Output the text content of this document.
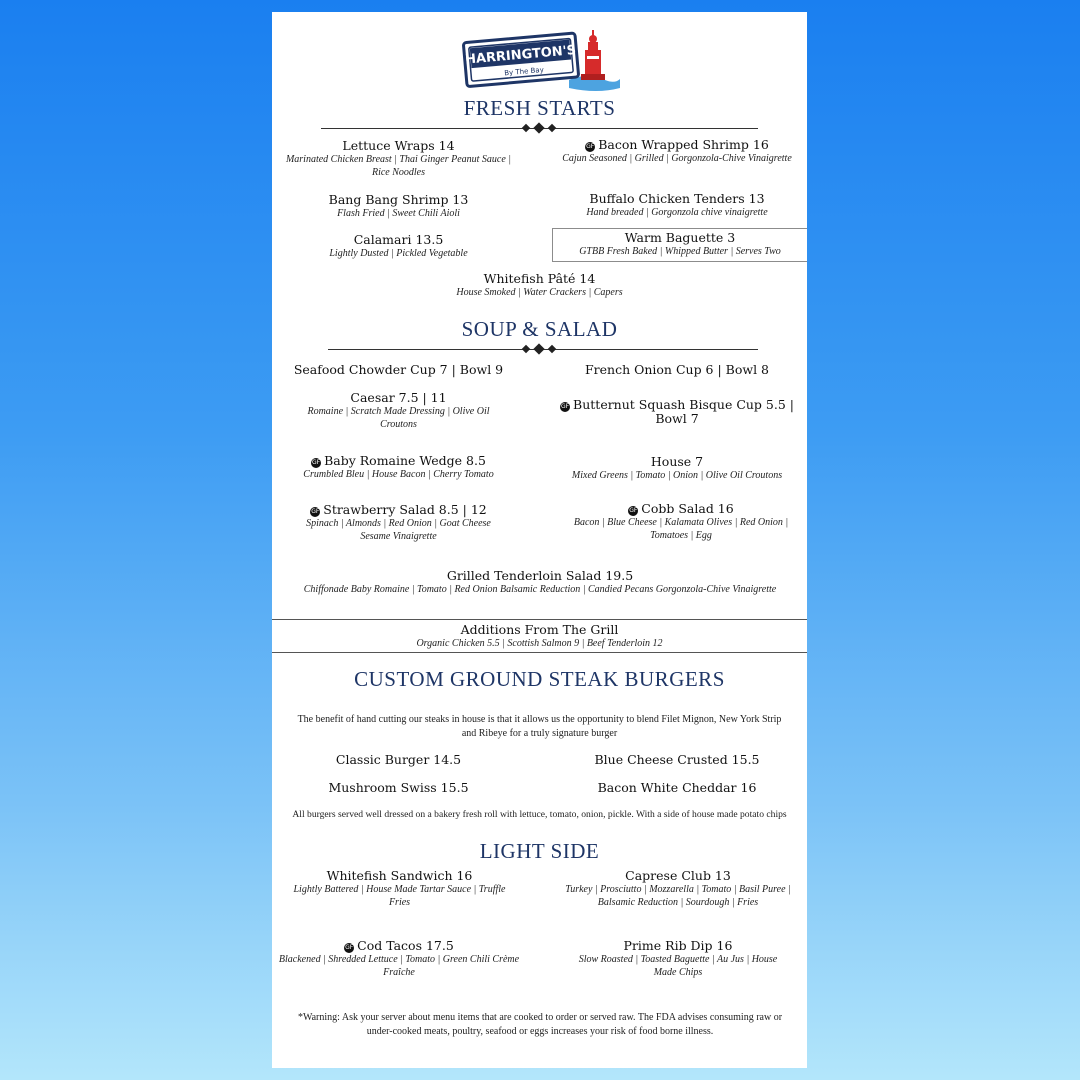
HARRINGTON'S
By The Bay
FRESH STARTS
Lettuce Wraps 14
Marinated Chicken Breast | Thai Ginger Peanut Sauce | Rice Noodles
GF Bacon Wrapped Shrimp 16
Cajun Seasoned | Grilled | Gorgonzola-Chive Vinaigrette
Bang Bang Shrimp 13
Flash Fried | Sweet Chili Aioli
Buffalo Chicken Tenders 13
Hand breaded | Gorgonzola chive vinaigrette
Calamari 13.5
Lightly Dusted | Pickled Vegetable
Warm Baguette 3
GTBB Fresh Baked | Whipped Butter | Serves Two
Whitefish Pâté 14
House Smoked | Water Crackers | Capers
SOUP & SALAD
Seafood Chowder Cup 7 | Bowl 9	French Onion Cup 6 | Bowl 8
Caesar 7.5 | 11
Romaine | Scratch Made Dressing | Olive Oil Croutons
GF Butternut Squash Bisque Cup 5.5 |
Bowl 7
GF Baby Romaine Wedge 8.5
Crumbled Bleu | House Bacon | Cherry Tomato
House 7
Mixed Greens | Tomato | Onion | Olive Oil Croutons
GF Strawberry Salad 8.5 | 12
Spinach | Almonds | Red Onion | Goat Cheese Sesame Vinaigrette
GF Cobb Salad 16
Bacon | Blue Cheese | Kalamata Olives | Red Onion | Tomatoes | Egg
Grilled Tenderloin Salad 19.5
Chiffonade Baby Romaine | Tomato | Red Onion Balsamic Reduction | Candied Pecans Gorgonzola-Chive Vinaigrette
Additions From The Grill
Organic Chicken 5.5 | Scottish Salmon 9 | Beef Tenderloin 12
CUSTOM GROUND STEAK BURGERS
The benefit of hand cutting our steaks in house is that it allows us the opportunity to blend Filet Mignon, New York Strip and Ribeye for a truly signature burger
Classic Burger 14.5	Blue Cheese Crusted 15.5
Mushroom Swiss 15.5	Bacon White Cheddar 16
All burgers served well dressed on a bakery fresh roll with lettuce, tomato, onion, pickle. With a side of house made potato chips
LIGHT SIDE
Whitefish Sandwich 16
Lightly Battered | House Made Tartar Sauce | Truffle Fries
Caprese Club 13
Turkey | Prosciutto | Mozzarella | Tomato | Basil Puree | Balsamic Reduction | Sourdough | Fries
GF Cod Tacos 17.5
Blackened | Shredded Lettuce | Tomato | Green Chili Crème Fraîche
Prime Rib Dip 16
Slow Roasted | Toasted Baguette | Au Jus | House Made Chips
*Warning: Ask your server about menu items that are cooked to order or served raw. The FDA advises consuming raw or under-cooked meats, poultry, seafood or eggs increases your risk of food borne illness.
